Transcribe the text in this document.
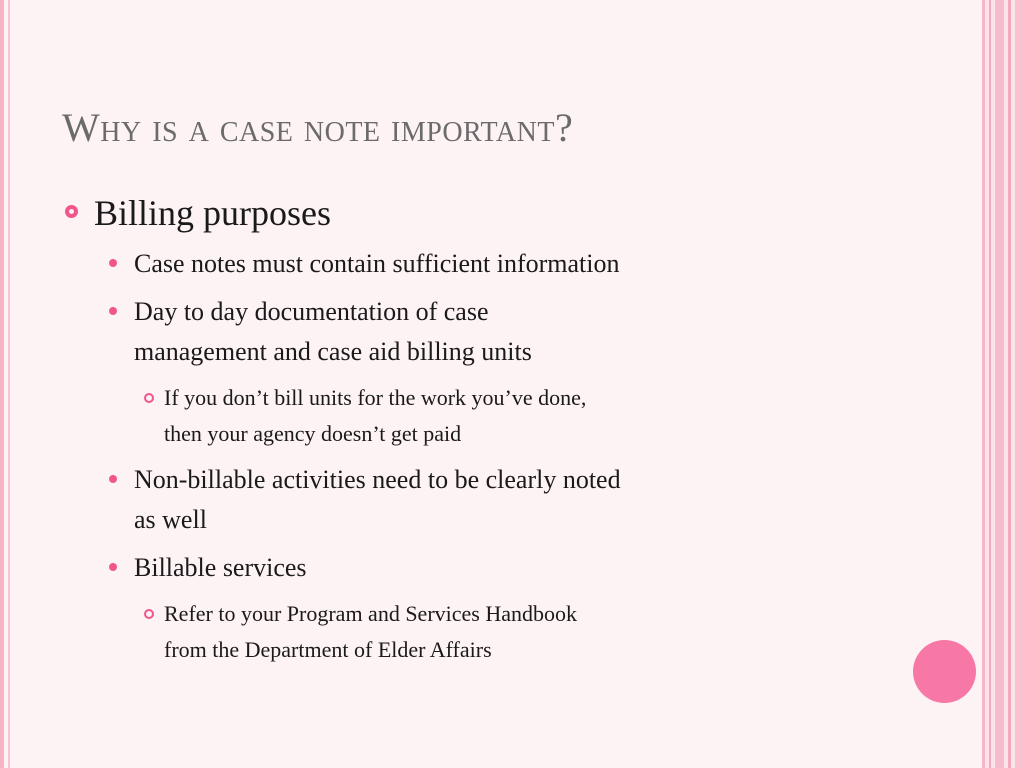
Why is a case note important?
Billing purposes
Case notes must contain sufficient information
Day to day documentation of case
management and case aid billing units
If you don’t bill units for the work you’ve done,
then your agency doesn’t get paid
Non-billable activities need to be clearly noted
as well
Billable services
Refer to your Program and Services Handbook
from the Department of Elder Affairs
